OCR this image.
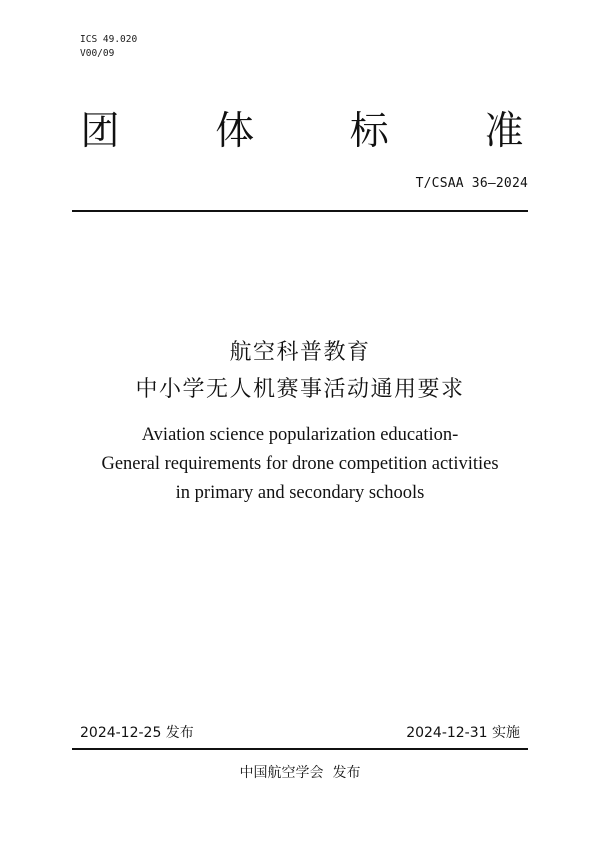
ICS 49.020
V00/09
团 体 标 准
T/CSAA 36—2024
航空科普教育
中小学无人机赛事活动通用要求
Aviation science popularization education-
General requirements for drone competition activities
in primary and secondary schools
2024-12-25 发布	2024-12-31 实施
中国航空学会  发布
